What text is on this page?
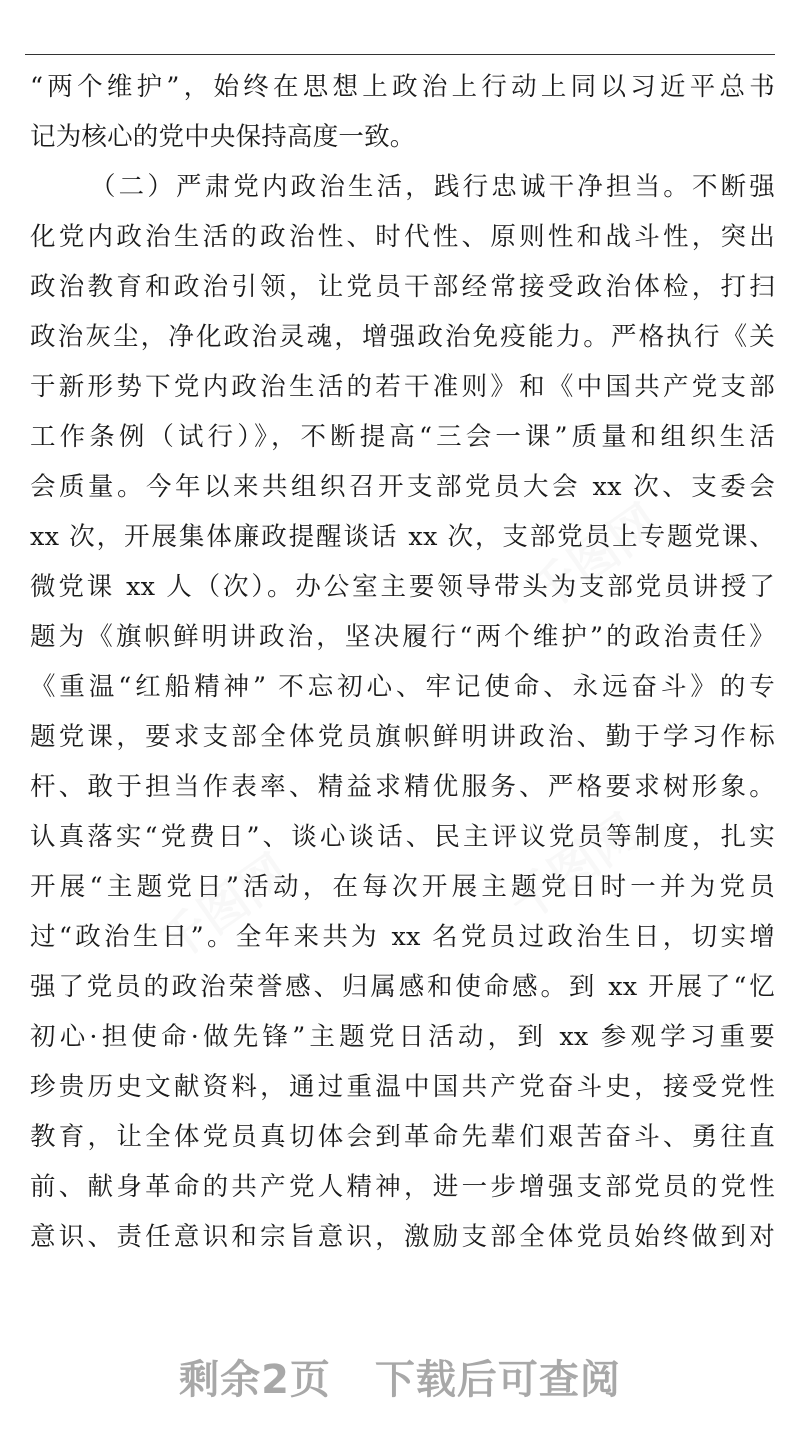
千图网
千图网	千图网
“两个维护”，始终在思想上政治上行动上同以习近平总书
记为核心的党中央保持高度一致。
（二）严肃党内政治生活，践行忠诚干净担当。不断强
化党内政治生活的政治性、时代性、原则性和战斗性，突出
政治教育和政治引领，让党员干部经常接受政治体检，打扫
政治灰尘，净化政治灵魂，增强政治免疫能力。严格执行《关
于新形势下党内政治生活的若干准则》和《中国共产党支部
工作条例（试行）》，不断提高“三会一课”质量和组织生活
会质量。今年以来共组织召开支部党员大会 xx 次、支委会
xx 次，开展集体廉政提醒谈话 xx 次，支部党员上专题党课、
微党课 xx 人（次）。办公室主要领导带头为支部党员讲授了
题为《旗帜鲜明讲政治，坚决履行“两个维护”的政治责任》
《重温“红船精神” 不忘初心、牢记使命、永远奋斗》的专
题党课，要求支部全体党员旗帜鲜明讲政治、勤于学习作标
杆、敢于担当作表率、精益求精优服务、严格要求树形象。
认真落实“党费日”、谈心谈话、民主评议党员等制度，扎实
开展“主题党日”活动，在每次开展主题党日时一并为党员
过“政治生日”。全年来共为 xx 名党员过政治生日，切实增
强了党员的政治荣誉感、归属感和使命感。到 xx 开展了“忆
初心·担使命·做先锋”主题党日活动，到 xx 参观学习重要
珍贵历史文献资料，通过重温中国共产党奋斗史，接受党性
教育，让全体党员真切体会到革命先辈们艰苦奋斗、勇往直
前、献身革命的共产党人精神，进一步增强支部党员的党性
意识、责任意识和宗旨意识，激励支部全体党员始终做到对
剩余2页 下载后可查阅
